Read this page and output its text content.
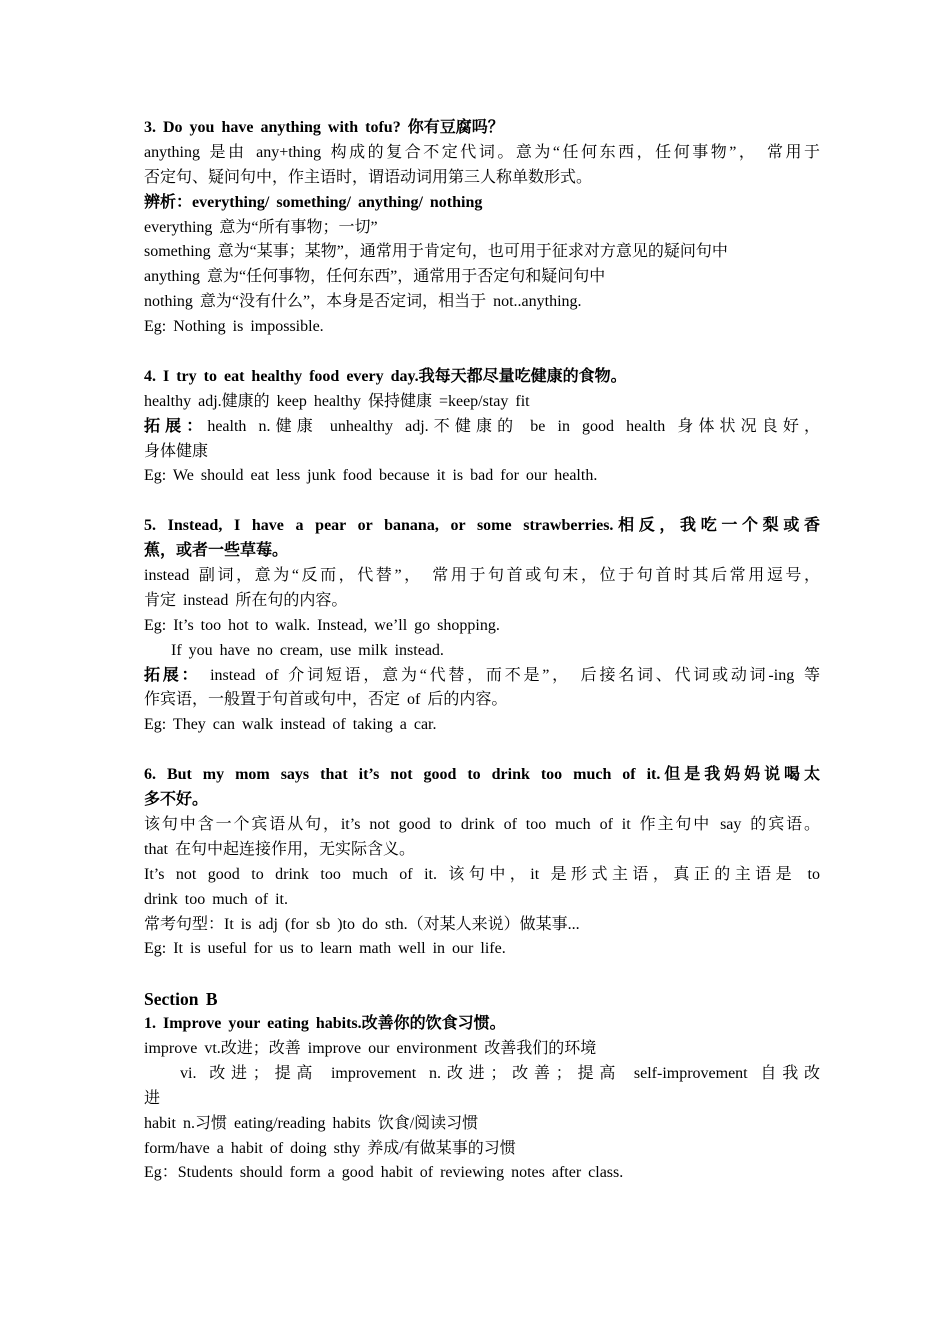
3. Do you have anything with tofu? 你有豆腐吗？
anything 是由 any+thing 构成的复合不定代词。意为“任何东西，任何事物”， 常用于
否定句、疑问句中，作主语时，谓语动词用第三人称单数形式。
辨析：everything/ something/ anything/ nothing
everything 意为“所有事物；一切”
something 意为“某事；某物”，通常用于肯定句，也可用于征求对方意见的疑问句中
anything 意为“任何事物，任何东西”，通常用于否定句和疑问句中
nothing 意为“没有什么”，本身是否定词，相当于 not..anything.
Eg: Nothing is impossible.
4. I try to eat healthy food every day.我每天都尽量吃健康的食物。
healthy adj.健康的 keep healthy 保持健康 =keep/stay fit
拓展：health n.健康 unhealthy adj.不健康的 be in good health 身体状况良好，
身体健康
Eg: We should eat less junk food because it is bad for our health.
5. Instead, I have a pear or banana, or some strawberries.相反，我吃一个梨或香
蕉，或者一些草莓。
instead 副词，意为“反而，代替”， 常用于句首或句末，位于句首时其后常用逗号，
肯定 instead 所在句的内容。
Eg: It’s too hot to walk. Instead, we’ll go shopping.
If you have no cream, use milk instead.
拓展： instead of 介词短语，意为“代替，而不是”， 后接名词、代词或动词-ing 等
作宾语，一般置于句首或句中，否定 of 后的内容。
Eg: They can walk instead of taking a car.
6. But my mom says that it’s not good to drink too much of it.但是我妈妈说喝太
多不好。
该句中含一个宾语从句，it’s not good to drink of too much of it 作主句中 say 的宾语。
that 在句中起连接作用，无实际含义。
It’s not good to drink too much of it. 该句中，it 是形式主语，真正的主语是 to
drink too much of it.
常考句型：It is adj (for sb )to do sth.（对某人来说）做某事...
Eg: It is useful for us to learn math well in our life.
Section B
1. Improve your eating habits.改善你的饮食习惯。
improve vt.改进；改善 improve our environment 改善我们的环境
vi. 改进；提高 improvement n.改进；改善；提高 self-improvement 自我改
进
habit n.习惯 eating/reading habits 饮食/阅读习惯
form/have a habit of doing sthy 养成/有做某事的习惯
Eg：Students should form a good habit of reviewing notes after class.
